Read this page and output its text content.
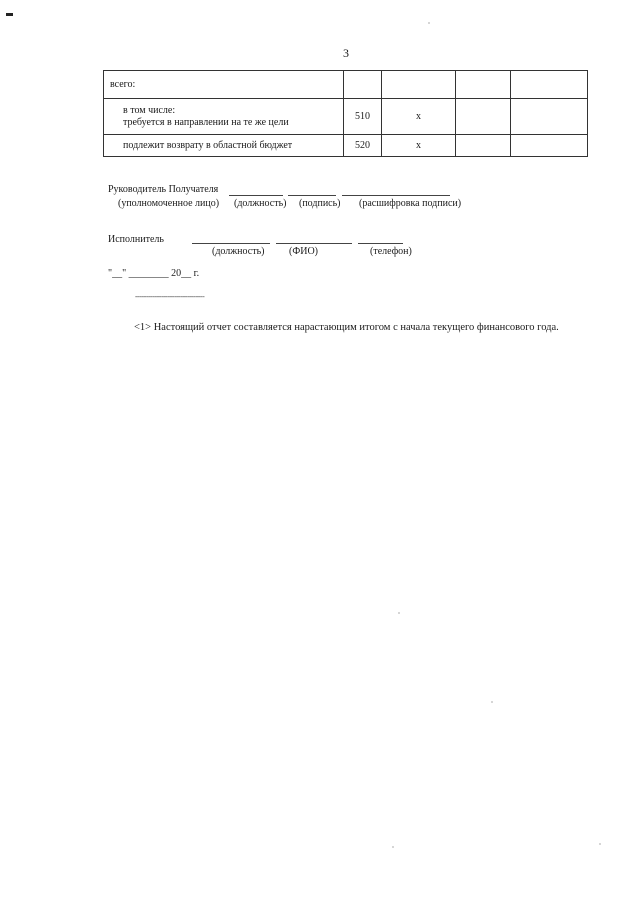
3
всего:				

в том числе:
требуется в направлении на те же цели	510	х		
подлежит возврату в областной бюджет	520	х		
Руководитель Получателя
(уполномоченное лицо) (должность) (подпись) (расшифровка подписи)
Исполнитель
(должность) (ФИО)	(телефон)
"__" ________ 20__ г.
--------------------------------
<1> Настоящий отчет составляется нарастающим итогом с начала текущего финансового года.
